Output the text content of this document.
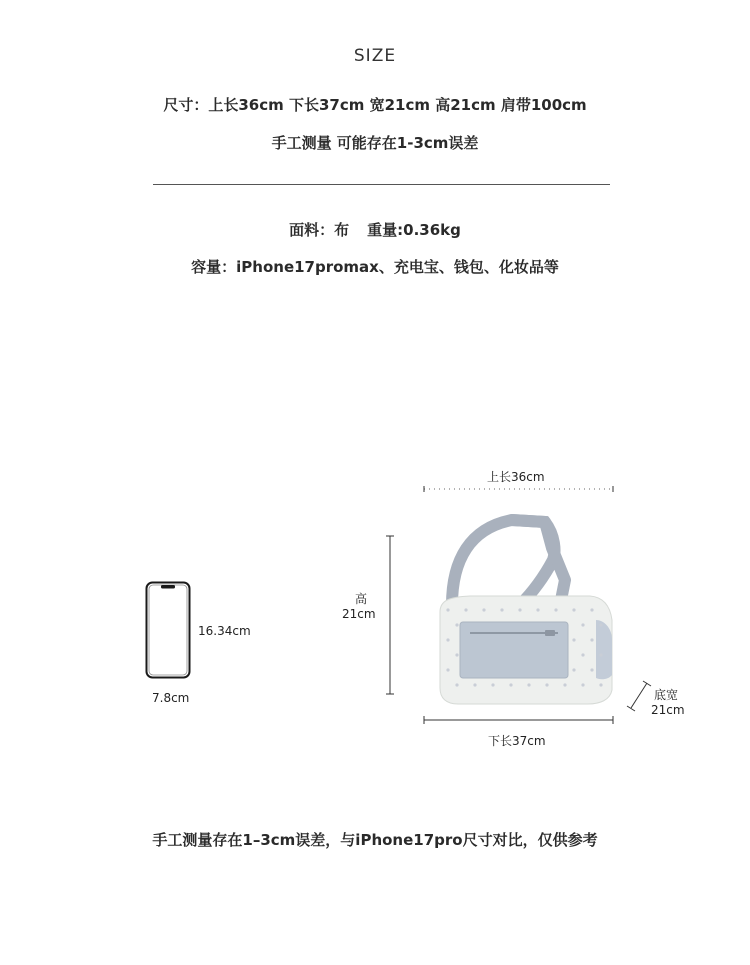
SIZE
尺寸：上长36cm 下长37cm 宽21cm 高21cm 肩带100cm
手工测量 可能存在1-3cm误差
面料：布 重量:0.36kg
容量：iPhone17promax、充电宝、钱包、化妆品等
16.34cm
7.8cm
上长36cm
高
21cm
下长37cm
底宽
21cm
手工测量存在1–3cm误差，与iPhone17pro尺寸对比，仅供参考
